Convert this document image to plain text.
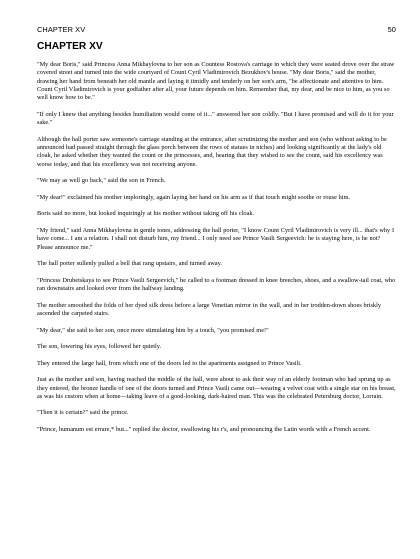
CHAPTER XV	50
CHAPTER XV

"My dear Boris," said Princess Anna Mikhaylovna to her son as Countess Rostova's carriage in which they were seated drove over the straw covered street and turned into the wide courtyard of Count Cyril Vladimirovich Bezukhov's house. "My dear Boris," said the mother, drawing her hand from beneath her old mantle and laying it timidly and tenderly on her son's arm, "be affectionate and attentive to him. Count Cyril Vladimirovich is your godfather after all, your future depends on him. Remember that, my dear, and be nice to him, as you so well know how to be."

"If only I knew that anything besides humiliation would come of it..." answered her son coldly. "But I have promised and will do it for your sake."

Although the hall porter saw someone's carriage standing at the entrance, after scrutinizing the mother and son (who without asking to be announced had passed straight through the glass porch between the rows of statues in niches) and looking significantly at the lady's old cloak, he asked whether they wanted the count or the princesses, and, hearing that they wished to see the count, said his excellency was worse today, and that his excellency was not receiving anyone.

"We may as well go back," said the son in French.

"My dear!" exclaimed his mother imploringly, again laying her hand on his arm as if that touch might soothe or rouse him.

Boris said no more, but looked inquiringly at his mother without taking off his cloak.

"My friend," said Anna Mikhaylovna in gentle tones, addressing the hall porter, "I know Count Cyril Vladimirovich is very ill... that's why I have come... I am a relation. I shall not disturb him, my friend... I only need see Prince Vasili Sergeevich: he is staying here, is he not? Please announce me."

The hall porter sullenly pulled a bell that rang upstairs, and turned away.

"Princess Drubetskaya to see Prince Vasili Sergeevich," he called to a footman dressed in knee breeches, shoes, and a swallow-tail coat, who ran downstairs and looked over from the halfway landing.

The mother smoothed the folds of her dyed silk dress before a large Venetian mirror in the wall, and in her trodden-down shoes briskly ascended the carpeted stairs.

"My dear," she said to her son, once more stimulating him by a touch, "you promised me!"

The son, lowering his eyes, followed her quietly.

They entered the large hall, from which one of the doors led to the apartments assigned to Prince Vasili.

Just as the mother and son, having reached the middle of the hall, were about to ask their way of an elderly footman who had sprung up as they entered, the bronze handle of one of the doors turned and Prince Vasili came out—wearing a velvet coat with a single star on his breast, as was his custom when at home—taking leave of a good-looking, dark-haired man. This was the celebrated Petersburg doctor, Lorrain.

"Then it is certain?" said the prince.

"Prince, humanum est errare,* but..." replied the doctor, swallowing his r's, and pronouncing the Latin words with a French accent.
